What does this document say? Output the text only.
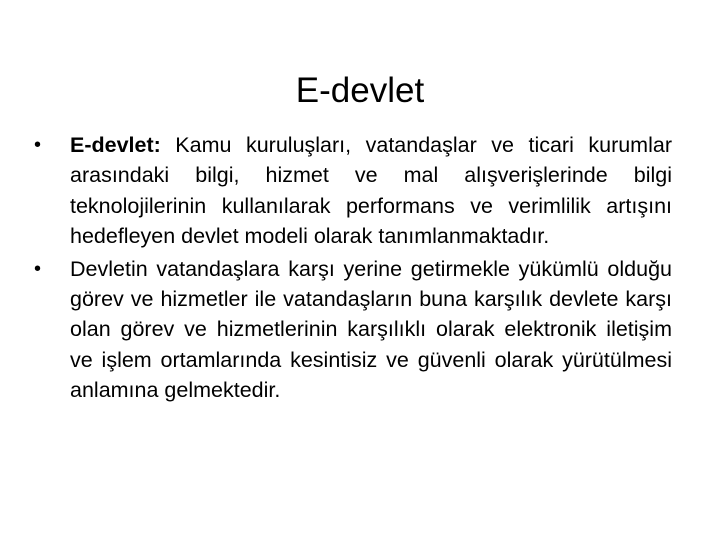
E-devlet
• E-devlet: Kamu kuruluşları, vatandaşlar ve ticari kurumlar arasındaki bilgi, hizmet ve mal alışverişlerinde bilgi teknolojilerinin kullanılarak performans ve verimlilik artışını hedefleyen devlet modeli olarak tanımlanmaktadır.
• Devletin vatandaşlara karşı yerine getirmekle yükümlü olduğu görev ve hizmetler ile vatandaşların buna karşılık devlete karşı olan görev ve hizmetlerinin karşılıklı olarak elektronik iletişim ve işlem ortamlarında kesintisiz ve güvenli olarak yürütülmesi anlamına gelmektedir.
